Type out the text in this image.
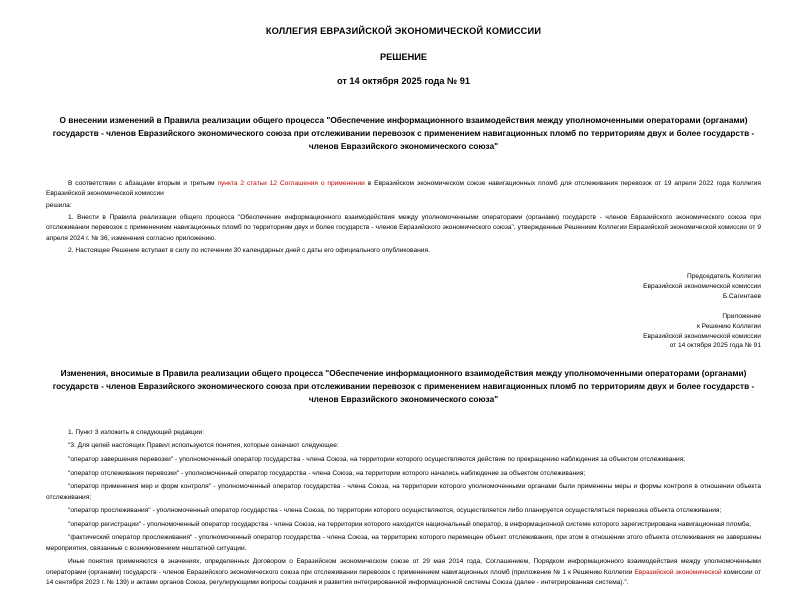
КОЛЛЕГИЯ ЕВРАЗИЙСКОЙ ЭКОНОМИЧЕСКОЙ КОМИССИИ
РЕШЕНИЕ
от 14 октября 2025 года № 91
О внесении изменений в Правила реализации общего процесса "Обеспечение информационного взаимодействия между уполномоченными операторами (органами) государств - членов Евразийского экономического союза при отслеживании перевозок с применением навигационных пломб по территориям двух и более государств - членов Евразийского экономического союза"

В соответствии с абзацами вторым и третьим пункта 2 статьи 12 Соглашения о применении в Евразийском экономическом союзе навигационных пломб для отслеживания перевозок от 19 апреля 2022 года Коллегия Евразийской экономической комиссии

решила:

1. Внести в Правила реализации общего процесса "Обеспечение информационного взаимодействия между уполномоченными операторами (органами) государств - членов Евразийского экономического союза при отслеживании перевозок с применением навигационных пломб по территориям двух и более государств - членов Евразийского экономического союза", утвержденные Решением Коллегии Евразийской экономической комиссии от 9 апреля 2024 г. № 36, изменения согласно приложению.

2. Настоящее Решение вступает в силу по истечении 30 календарных дней с даты его официального опубликования.

Председатель Коллегии
Евразийской экономической комиссии
Б.Сагинтаев
Приложение
к Решению Коллегии
Евразийской экономической комиссии
от 14 октября 2025 года № 91
Изменения, вносимые в Правила реализации общего процесса "Обеспечение информационного взаимодействия между уполномоченными операторами (органами) государств - членов Евразийского экономического союза при отслеживании перевозок с применением навигационных пломб по территориям двух и более государств - членов Евразийского экономического союза"

1. Пункт 3 изложить в следующей редакции:

"3. Для целей настоящих Правил используются понятия, которые означают следующее:

"оператор завершения перевозки" - уполномоченный оператор государства - члена Союза, на территории которого осуществляются действие по прекращению наблюдения за объектом отслеживания;

"оператор отслеживания перевозки" - уполномоченный оператор государства - члена Союза, на территории которого начались наблюдение за объектом отслеживания;

"оператор применения мер и форм контроля" - уполномоченный оператор государства - члена Союза, на территории которого уполномоченными органами были применены меры и формы контроля в отношении объекта отслеживания;

"оператор прослеживания" - уполномоченный оператор государства - члена Союза, по территории которого осуществляются, осуществляется либо планируется осуществляться перевозка объекта отслеживания;

"оператор регистрации" - уполномоченный оператор государства - члена Союза, на территории которого находится национальный оператор, в информационной системе которого зарегистрирована навигационная пломба;

"фактический оператор прослеживания" - уполномоченный оператор государства - члена Союза, на территорию которого перемещен объект отслеживания, при этом в отношении этого объекта отслеживания не завершены мероприятия, связанные с возникновением нештатной ситуации.

Иные понятия применяются в значениях, определенных Договором о Евразийском экономическом союзе от 29 мая 2014 года, Соглашением, Порядком информационного взаимодействия между уполномоченными операторами (органами) государств - членов Евразийского экономического союза при отслеживании перевозок с применением навигационных пломб (приложение № 1 к Решению Коллегии Евразийской экономической комиссии от 14 сентября 2023 г. № 139) и актами органов Союза, регулирующими вопросы создания и развития интегрированной информационной системы Союза (далее - интегрированная система).".
